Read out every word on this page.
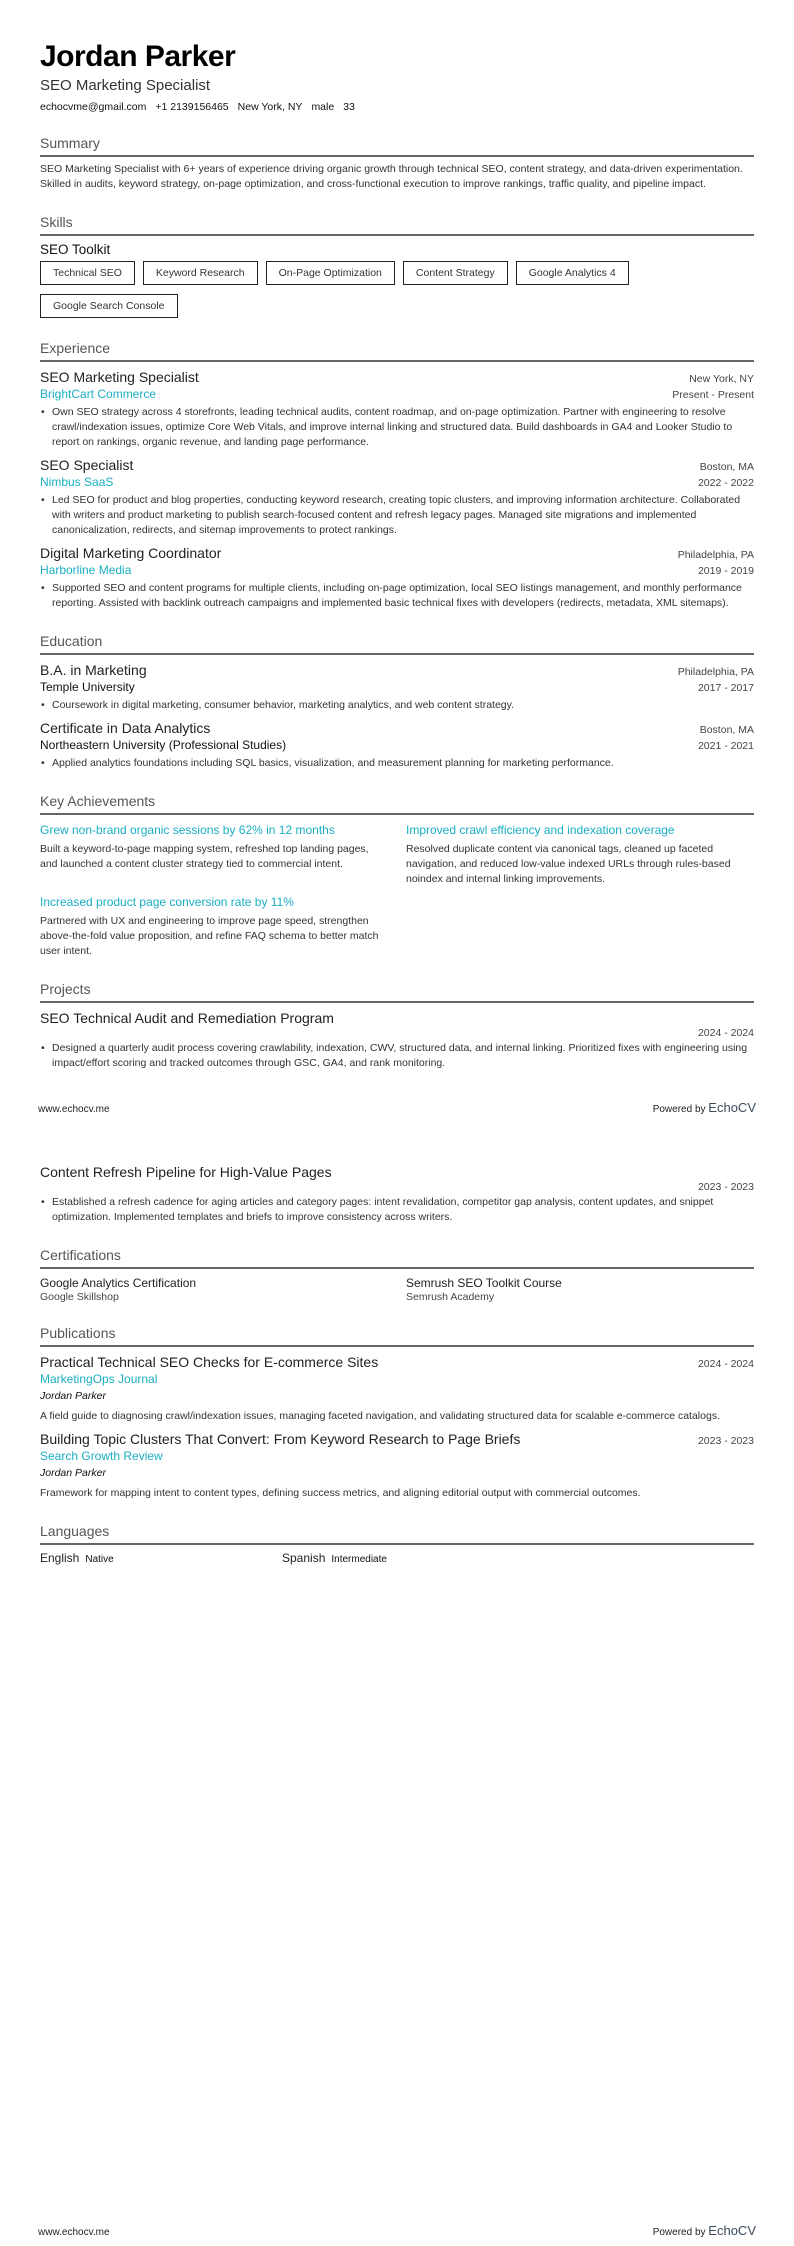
Jordan Parker
SEO Marketing Specialist
echocvme@gmail.com +1 2139156465 New York, NY male 33
Summary
SEO Marketing Specialist with 6+ years of experience driving organic growth through technical SEO, content strategy, and data-driven experimentation. Skilled in audits, keyword strategy, on-page optimization, and cross-functional execution to improve rankings, traffic quality, and pipeline impact.
Skills
SEO Toolkit
Technical SEO	Keyword Research	On-Page Optimization	Content Strategy	Google Analytics 4
Google Search Console
Experience
SEO Marketing Specialist	New York, NY
BrightCart Commerce	Present - Present
• Own SEO strategy across 4 storefronts, leading technical audits, content roadmap, and on-page optimization. Partner with engineering to resolve crawl/indexation issues, optimize Core Web Vitals, and improve internal linking and structured data. Build dashboards in GA4 and Looker Studio to report on rankings, organic revenue, and landing page performance.
SEO Specialist	Boston, MA
Nimbus SaaS	2022 - 2022
• Led SEO for product and blog properties, conducting keyword research, creating topic clusters, and improving information architecture. Collaborated with writers and product marketing to publish search-focused content and refresh legacy pages. Managed site migrations and implemented canonicalization, redirects, and sitemap improvements to protect rankings.
Digital Marketing Coordinator	Philadelphia, PA
Harborline Media	2019 - 2019
• Supported SEO and content programs for multiple clients, including on-page optimization, local SEO listings management, and monthly performance reporting. Assisted with backlink outreach campaigns and implemented basic technical fixes with developers (redirects, metadata, XML sitemaps).
Education
B.A. in Marketing	Philadelphia, PA
Temple University	2017 - 2017
• Coursework in digital marketing, consumer behavior, marketing analytics, and web content strategy.
Certificate in Data Analytics	Boston, MA
Northeastern University (Professional Studies)	2021 - 2021
• Applied analytics foundations including SQL basics, visualization, and measurement planning for marketing performance.
Key Achievements
Grew non-brand organic sessions by 62% in 12 months
Built a keyword-to-page mapping system, refreshed top landing pages, and launched a content cluster strategy tied to commercial intent.
Improved crawl efficiency and indexation coverage
Resolved duplicate content via canonical tags, cleaned up faceted navigation, and reduced low-value indexed URLs through rules-based noindex and internal linking improvements.
Increased product page conversion rate by 11%
Partnered with UX and engineering to improve page speed, strengthen above-the-fold value proposition, and refine FAQ schema to better match user intent.
Projects
SEO Technical Audit and Remediation Program
2024 - 2024
• Designed a quarterly audit process covering crawlability, indexation, CWV, structured data, and internal linking. Prioritized fixes with engineering using impact/effort scoring and tracked outcomes through GSC, GA4, and rank monitoring.
www.echocv.me	Powered by EchoCV
Content Refresh Pipeline for High-Value Pages
2023 - 2023
• Established a refresh cadence for aging articles and category pages: intent revalidation, competitor gap analysis, content updates, and snippet optimization. Implemented templates and briefs to improve consistency across writers.
Certifications
Google Analytics Certification
Google Skillshop
Semrush SEO Toolkit Course
Semrush Academy
Publications
Practical Technical SEO Checks for E-commerce Sites	2024 - 2024
MarketingOps Journal
Jordan Parker
A field guide to diagnosing crawl/indexation issues, managing faceted navigation, and validating structured data for scalable e-commerce catalogs.
Building Topic Clusters That Convert: From Keyword Research to Page Briefs	2023 - 2023
Search Growth Review
Jordan Parker
Framework for mapping intent to content types, defining success metrics, and aligning editorial output with commercial outcomes.
Languages
English Native	Spanish Intermediate
www.echocv.me	Powered by EchoCV
